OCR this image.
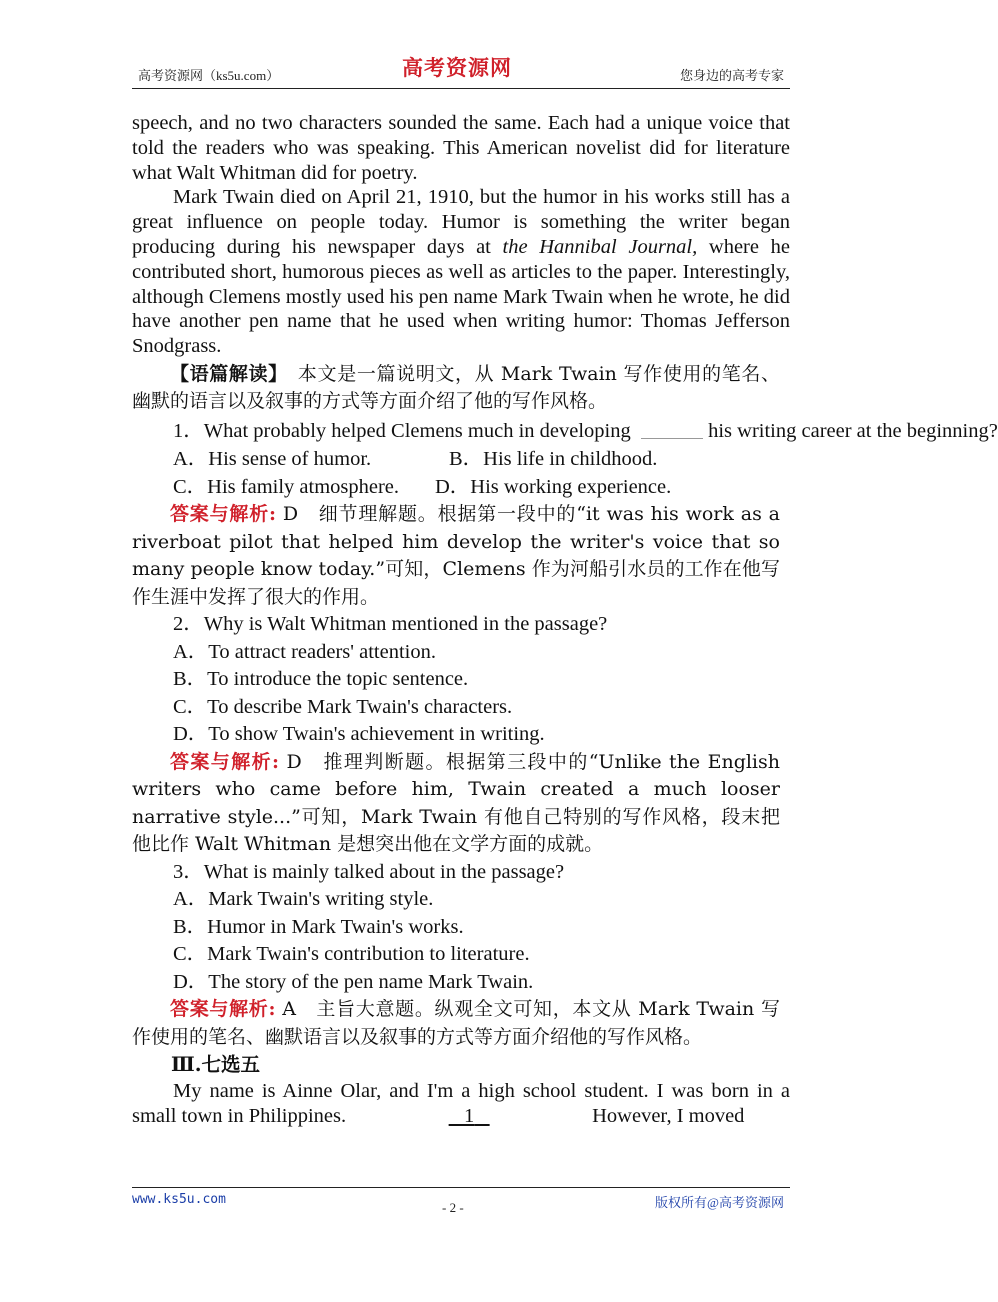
高考资源网（ks5u.com）	高考资源网	您身边的高考专家

speech, and no two characters sounded the same. Each had a unique voice that told the readers who was speaking. This American novelist did for literature what Walt Whitman did for poetry.

Mark Twain died on April 21, 1910, but the humor in his works still has a great influence on people today. Humor is something the writer began producing during his newspaper days at the Hannibal Journal, where he contributed short, humorous pieces as well as articles to the paper. Interestingly, although Clemens mostly used his pen name Mark Twain when he wrote, he did have another pen name that he used when writing humor: Thomas Jefferson Snodgrass.

【语篇解读】　本文是一篇说明文，从 Mark Twain 写作使用的笔名、幽默的语言以及叙事的方式等方面介绍了他的写作风格。

1．What probably helped Clemens much in developing	his writing career at the beginning?

A．His sense of humor.	B．His life in childhood.
C．His family atmosphere.	D．His working experience.

答案与解析: D　细节理解题。根据第一段中的“it was his work as a riverboat pilot that helped him develop the writer's voice that so many people know today.”可知，Clemens 作为河船引水员的工作在他写作生涯中发挥了很大的作用。

2．Why is Walt Whitman mentioned in the passage?

A．To attract readers' attention.

B．To introduce the topic sentence.

C．To describe Mark Twain's characters.

D．To show Twain's achievement in writing.

答案与解析: D　推理判断题。根据第三段中的“Unlike the English writers who came before him, Twain created a much looser narrative style...”可知，Mark Twain 有他自己特别的写作风格，段末把他比作 Walt Whitman 是想突出他在文学方面的成就。

3．What is mainly talked about in the passage?

A．Mark Twain's writing style.

B．Humor in Mark Twain's works.

C．Mark Twain's contribution to literature.

D．The story of the pen name Mark Twain.

答案与解析: A　主旨大意题。纵观全文可知，本文从 Mark Twain 写作使用的笔名、幽默语言以及叙事的方式等方面介绍他的写作风格。

Ⅲ.七选五

My name is Ainne Olar, and I'm a high school student. I was born in a small town in Philippines.	1	However, I moved

www.ks5u.com
- 2 -	版权所有@高考资源网
